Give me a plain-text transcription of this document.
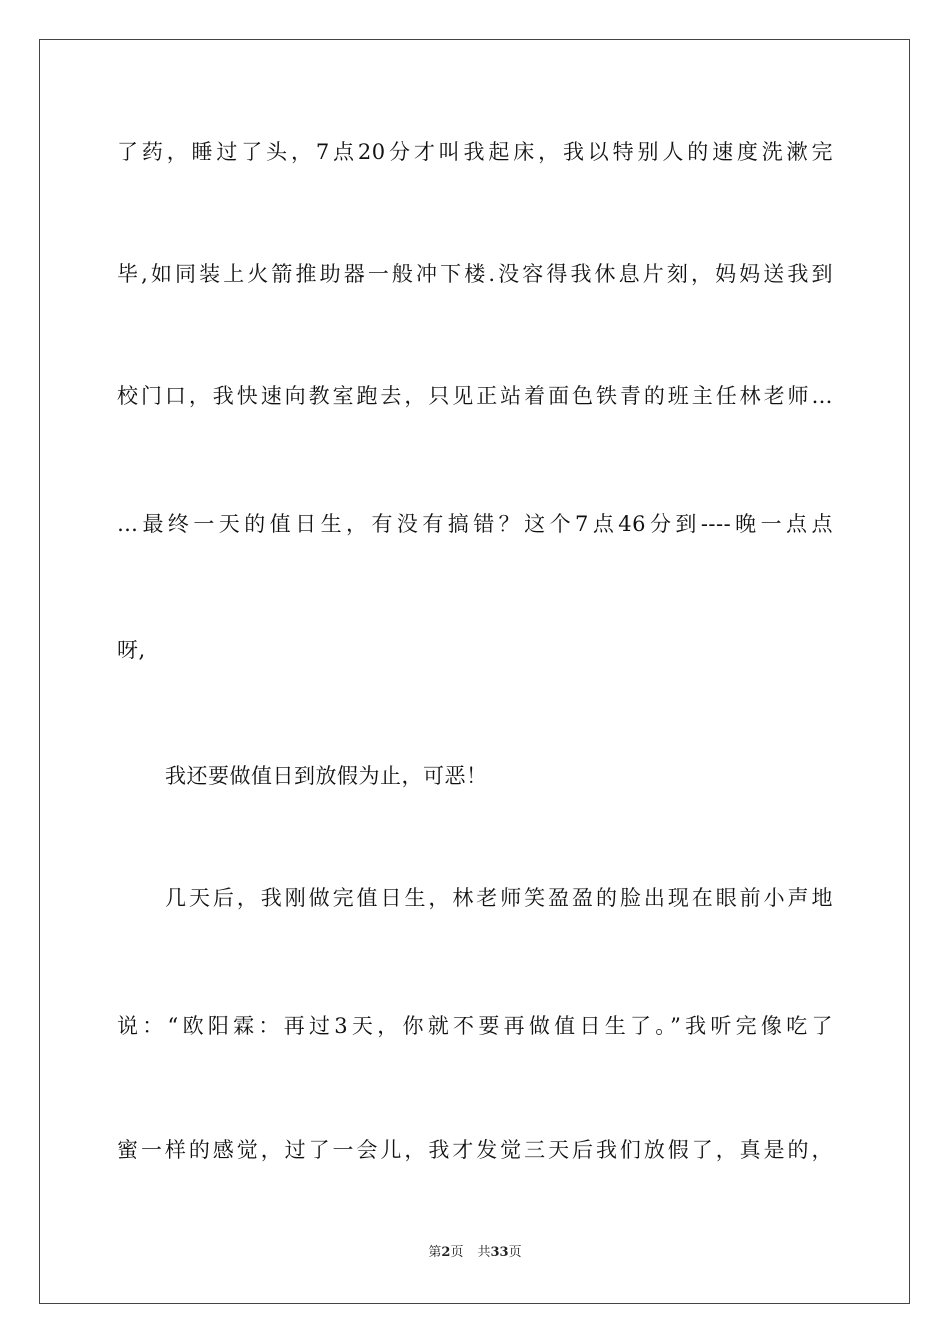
了药，睡过了头，7点20分才叫我起床，我以特别人的速度洗漱完
毕,如同装上火箭推助器一般冲下楼.没容得我休息片刻，妈妈送我到
校门口，我快速向教室跑去，只见正站着面色铁青的班主任林老师…
…最终一天的值日生，有没有搞错？这个7点46分到----晚一点点
呀,
我还要做值日到放假为止，可恶！
几天后，我刚做完值日生，林老师笑盈盈的脸出现在眼前小声地
说：“欧阳霖：再过3天，你就不要再做值日生了。”我听完像吃了
蜜一样的感觉，过了一会儿，我才发觉三天后我们放假了，真是的，
第2页 共33页
